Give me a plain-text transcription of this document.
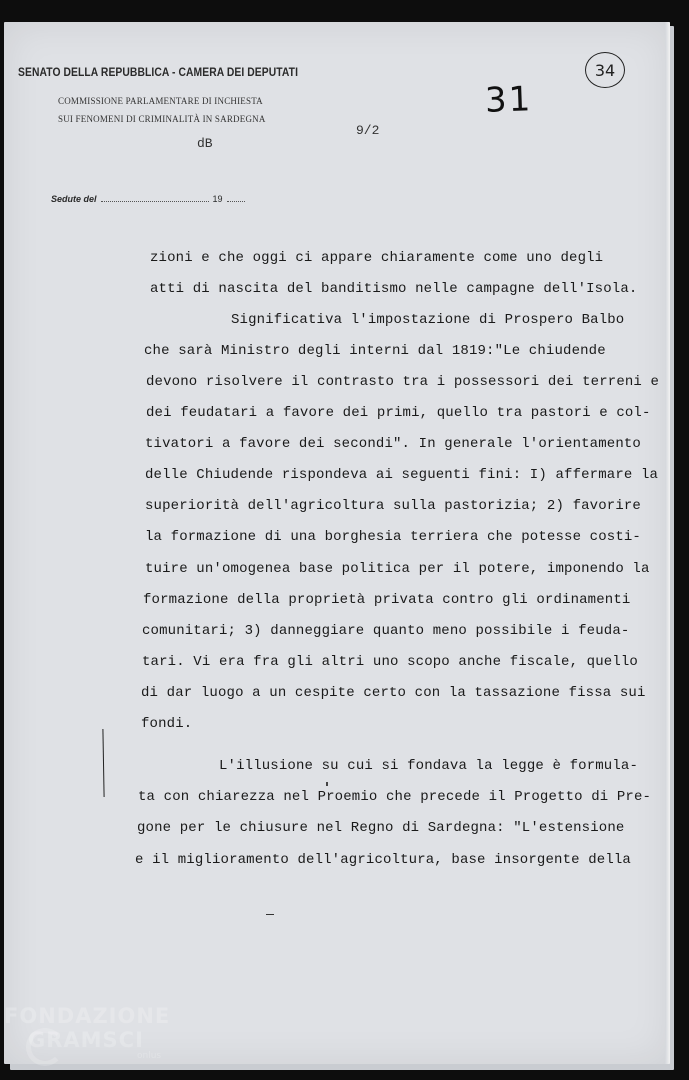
SENATO DELLA REPUBBLICA - CAMERA DEI DEPUTATI
COMMISSIONE PARLAMENTARE DI INCHIESTA
SUI FENOMENI DI CRIMINALITÀ IN SARDEGNA
dB
9/2
31
34
Sedute del	19
zioni e che oggi ci appare chiaramente come uno degli
atti di nascita del banditismo nelle campagne dell'Isola.
Significativa l'impostazione di Prospero Balbo
che sarà Ministro degli interni dal 1819:"Le chiudende
devono risolvere il contrasto tra i possessori dei terreni e
dei feudatari a favore dei primi, quello tra pastori e col-
tivatori a favore dei secondi". In generale l'orientamento
delle Chiudende rispondeva ai seguenti fini: I) affermare la
superiorità dell'agricoltura sulla pastorizia; 2) favorire
la formazione di una borghesia terriera che potesse costi-
tuire un'omogenea base politica per il potere, imponendo la
formazione della proprietà privata contro gli ordinamenti
comunitari; 3) danneggiare quanto meno possibile i feuda-
tari. Vi era fra gli altri uno scopo anche fiscale, quello
di dar luogo a un cespite certo con la tassazione fissa sui
fondi.
L'illusione su cui si fondava la legge è formula-
ta con chiarezza nel Proemio che precede il Progetto di Pre-
gone per le chiusure nel Regno di Sardegna: "L'estensione
e il miglioramento dell'agricoltura, base insorgente della
FONDAZIONE
GRAMSCI
onlus
